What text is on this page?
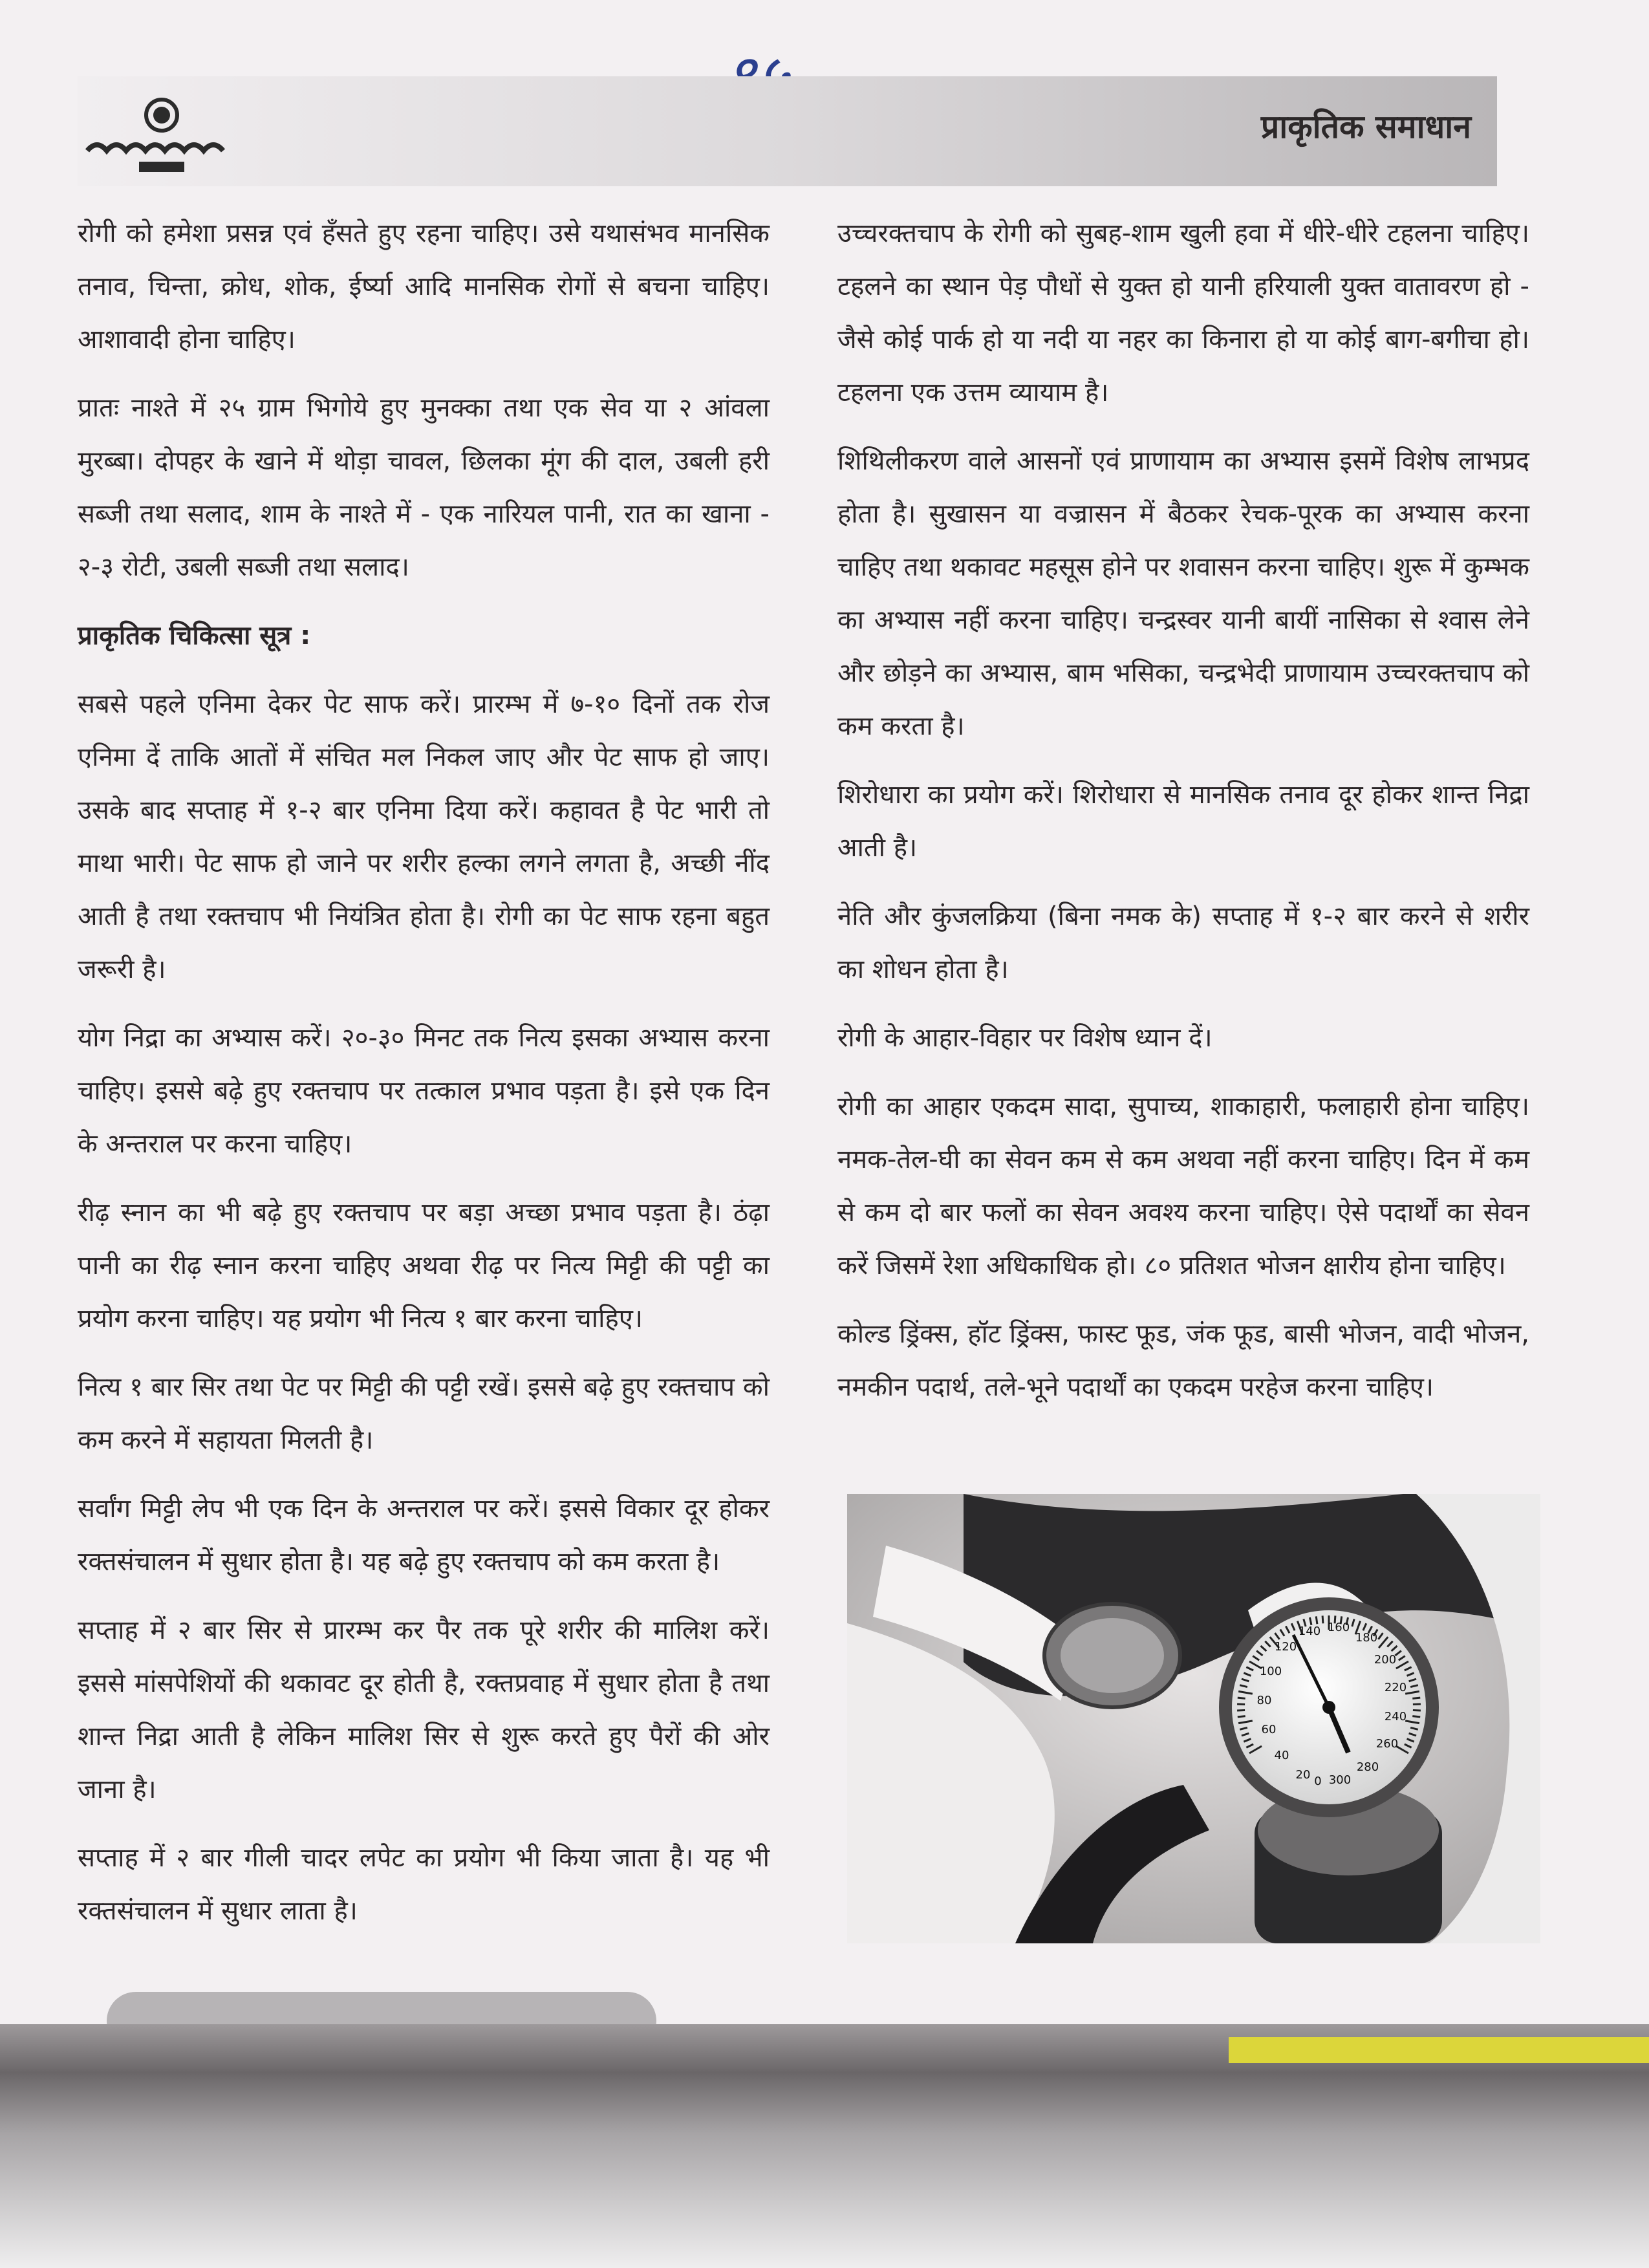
प्राकृतिक समाधान

रोगी को हमेशा प्रसन्न एवं हँसते हुए रहना चाहिए। उसे यथासंभव मानसिक तनाव, चिन्ता, क्रोध, शोक, ईर्ष्या आदि मानसिक रोगों से बचना चाहिए। आशावादी होना चाहिए।

प्रातः नाश्ते में २५ ग्राम भिगोये हुए मुनक्का तथा एक सेव या २ आंवला मुरब्बा। दोपहर के खाने में थोड़ा चावल, छिलका मूंग की दाल, उबली हरी सब्जी तथा सलाद, शाम के नाश्ते में - एक नारियल पानी, रात का खाना - २-३ रोटी, उबली सब्जी तथा सलाद।

प्राकृतिक चिकित्सा सूत्र :

सबसे पहले एनिमा देकर पेट साफ करें। प्रारम्भ में ७-१० दिनों तक रोज एनिमा दें ताकि आतों में संचित मल निकल जाए और पेट साफ हो जाए। उसके बाद सप्ताह में १-२ बार एनिमा दिया करें। कहावत है पेट भारी तो माथा भारी। पेट साफ हो जाने पर शरीर हल्का लगने लगता है, अच्छी नींद आती है तथा रक्तचाप भी नियंत्रित होता है। रोगी का पेट साफ रहना बहुत जरूरी है।

योग निद्रा का अभ्यास करें। २०-३० मिनट तक नित्य इसका अभ्यास करना चाहिए। इससे बढ़े हुए रक्तचाप पर तत्काल प्रभाव पड़ता है। इसे एक दिन के अन्तराल पर करना चाहिए।

रीढ़ स्नान का भी बढ़े हुए रक्तचाप पर बड़ा अच्छा प्रभाव पड़ता है। ठंढ़ा पानी का रीढ़ स्नान करना चाहिए अथवा रीढ़ पर नित्य मिट्टी की पट्टी का प्रयोग करना चाहिए। यह प्रयोग भी नित्य १ बार करना चाहिए।

नित्य १ बार सिर तथा पेट पर मिट्टी की पट्टी रखें। इससे बढ़े हुए रक्तचाप को कम करने में सहायता मिलती है।

सर्वांग मिट्टी लेप भी एक दिन के अन्तराल पर करें। इससे विकार दूर होकर रक्तसंचालन में सुधार होता है। यह बढ़े हुए रक्तचाप को कम करता है।

सप्ताह में २ बार सिर से प्रारम्भ कर पैर तक पूरे शरीर की मालिश करें। इससे मांसपेशियों की थकावट दूर होती है, रक्तप्रवाह में सुधार होता है तथा शान्त निद्रा आती है लेकिन मालिश सिर से शुरू करते हुए पैरों की ओर जाना है।

सप्ताह में २ बार गीली चादर लपेट का प्रयोग भी किया जाता है। यह भी रक्तसंचालन में सुधार लाता है।

उच्चरक्तचाप के रोगी को सुबह-शाम खुली हवा में धीरे-धीरे टहलना चाहिए। टहलने का स्थान पेड़ पौधों से युक्त हो यानी हरियाली युक्त वातावरण हो - जैसे कोई पार्क हो या नदी या नहर का किनारा हो या कोई बाग-बगीचा हो। टहलना एक उत्तम व्यायाम है।

शिथिलीकरण वाले आसनों एवं प्राणायाम का अभ्यास इसमें विशेष लाभप्रद होता है। सुखासन या वज्रासन में बैठकर रेचक-पूरक का अभ्यास करना चाहिए तथा थकावट महसूस होने पर शवासन करना चाहिए। शुरू में कुम्भक का अभ्यास नहीं करना चाहिए। चन्द्रस्वर यानी बायीं नासिका से श्वास लेने और छोड़ने का अभ्यास, बाम भसिका, चन्द्रभेदी प्राणायाम उच्चरक्तचाप को कम करता है।

शिरोधारा का प्रयोग करें। शिरोधारा से मानसिक तनाव दूर होकर शान्त निद्रा आती है।

नेति और कुंजलक्रिया (बिना नमक के) सप्ताह में १-२ बार करने से शरीर का शोधन होता है।

रोगी के आहार-विहार पर विशेष ध्यान दें।

रोगी का आहार एकदम सादा, सुपाच्य, शाकाहारी, फलाहारी होना चाहिए। नमक-तेल-घी का सेवन कम से कम अथवा नहीं करना चाहिए। दिन में कम से कम दो बार फलों का सेवन अवश्य करना चाहिए। ऐसे पदार्थों का सेवन करें जिसमें रेशा अधिकाधिक हो। ८० प्रतिशत भोजन क्षारीय होना चाहिए।

कोल्ड ड्रिंक्स, हॉट ड्रिंक्स, फास्ट फूड, जंक फूड, बासी भोजन, वादी भोजन, नमकीन पदार्थ, तले-भूने पदार्थों का एकदम परहेज करना चाहिए।

20
40
60
80
100
120
140 160
180
200
220
240
260
280
300
0
